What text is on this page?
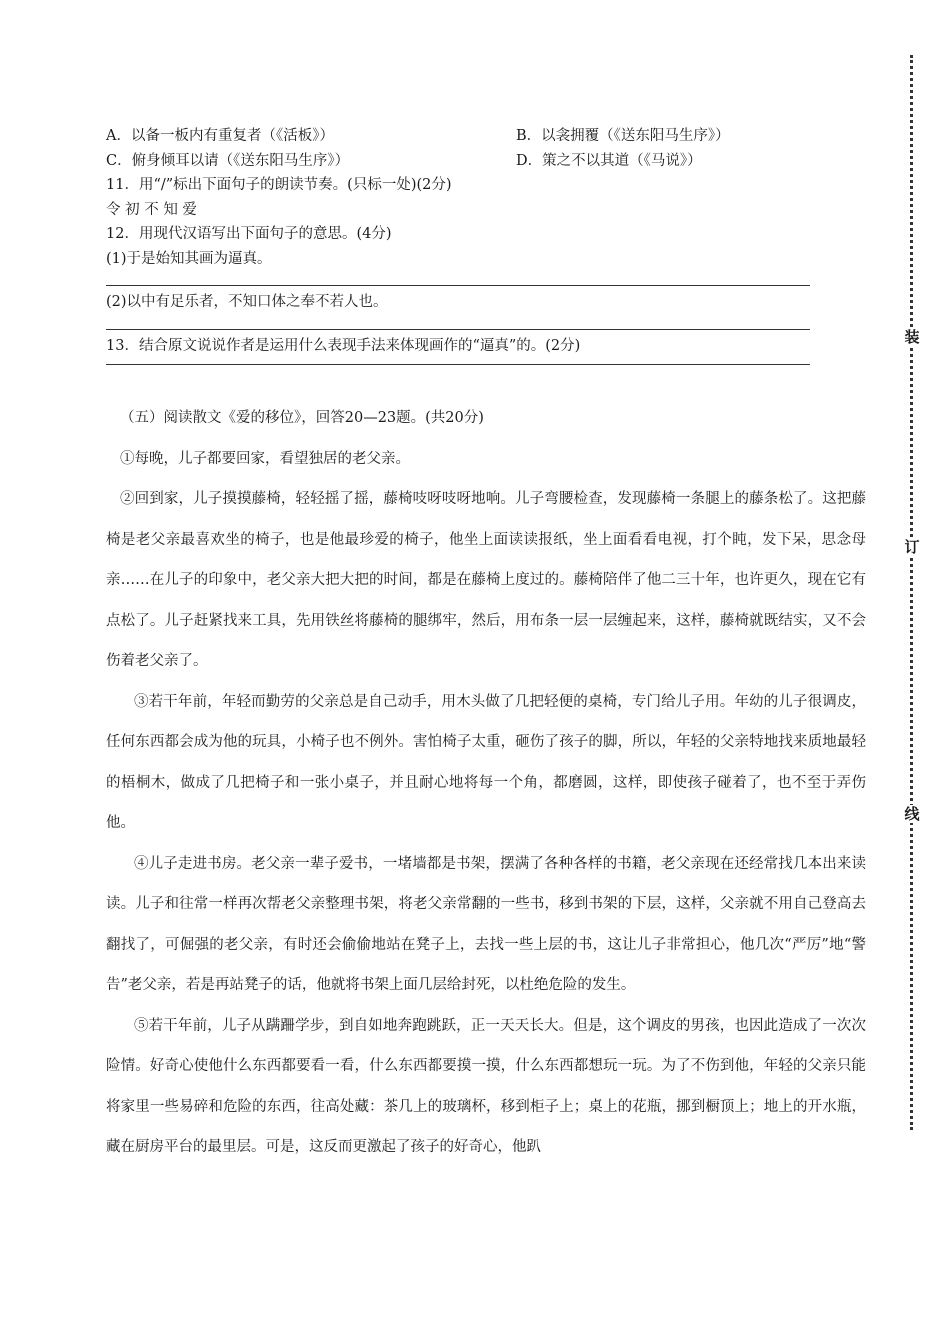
A．以备一板内有重复者（《活板》）	B．以衾拥覆（《送东阳马生序》）
C．俯身倾耳以请（《送东阳马生序》）	D．策之不以其道（《马说》）
11．用“/”标出下面句子的朗读节奏。(只标一处)(2分)
令 初 不 知 爱
12．用现代汉语写出下面句子的意思。(4分)
(1)于是始知其画为逼真。
(2)以中有足乐者，不知口体之奉不若人也。
13．结合原文说说作者是运用什么表现手法来体现画作的“逼真”的。(2分)

（五）阅读散文《爱的移位》，回答20—23题。(共20分)

①每晚，儿子都要回家，看望独居的老父亲。

②回到家，儿子摸摸藤椅，轻轻摇了摇，藤椅吱呀吱呀地响。儿子弯腰检查，发现藤椅一条腿上的藤条松了。这把藤椅是老父亲最喜欢坐的椅子，也是他最珍爱的椅子，他坐上面读读报纸，坐上面看看电视，打个盹，发下呆，思念母亲……在儿子的印象中，老父亲大把大把的时间，都是在藤椅上度过的。藤椅陪伴了他二三十年，也许更久，现在它有点松了。儿子赶紧找来工具，先用铁丝将藤椅的腿绑牢，然后，用布条一层一层缠起来，这样，藤椅就既结实，又不会伤着老父亲了。

③若干年前，年轻而勤劳的父亲总是自己动手，用木头做了几把轻便的桌椅，专门给儿子用。年幼的儿子很调皮，任何东西都会成为他的玩具，小椅子也不例外。害怕椅子太重，砸伤了孩子的脚，所以，年轻的父亲特地找来质地最轻的梧桐木，做成了几把椅子和一张小桌子，并且耐心地将每一个角，都磨圆，这样，即使孩子碰着了，也不至于弄伤他。

④儿子走进书房。老父亲一辈子爱书，一堵墙都是书架，摆满了各种各样的书籍，老父亲现在还经常找几本出来读读。儿子和往常一样再次帮老父亲整理书架，将老父亲常翻的一些书，移到书架的下层，这样，父亲就不用自己登高去翻找了，可倔强的老父亲，有时还会偷偷地站在凳子上，去找一些上层的书，这让儿子非常担心，他几次“严厉”地“警告”老父亲，若是再站凳子的话，他就将书架上面几层给封死，以杜绝危险的发生。

⑤若干年前，儿子从蹒跚学步，到自如地奔跑跳跃，正一天天长大。但是，这个调皮的男孩，也因此造成了一次次险情。好奇心使他什么东西都要看一看，什么东西都要摸一摸，什么东西都想玩一玩。为了不伤到他，年轻的父亲只能将家里一些易碎和危险的东西，往高处藏：茶几上的玻璃杯，移到柜子上；桌上的花瓶，挪到橱顶上；地上的开水瓶，藏在厨房平台的最里层。可是，这反而更激起了孩子的好奇心，他趴

装
订
线
